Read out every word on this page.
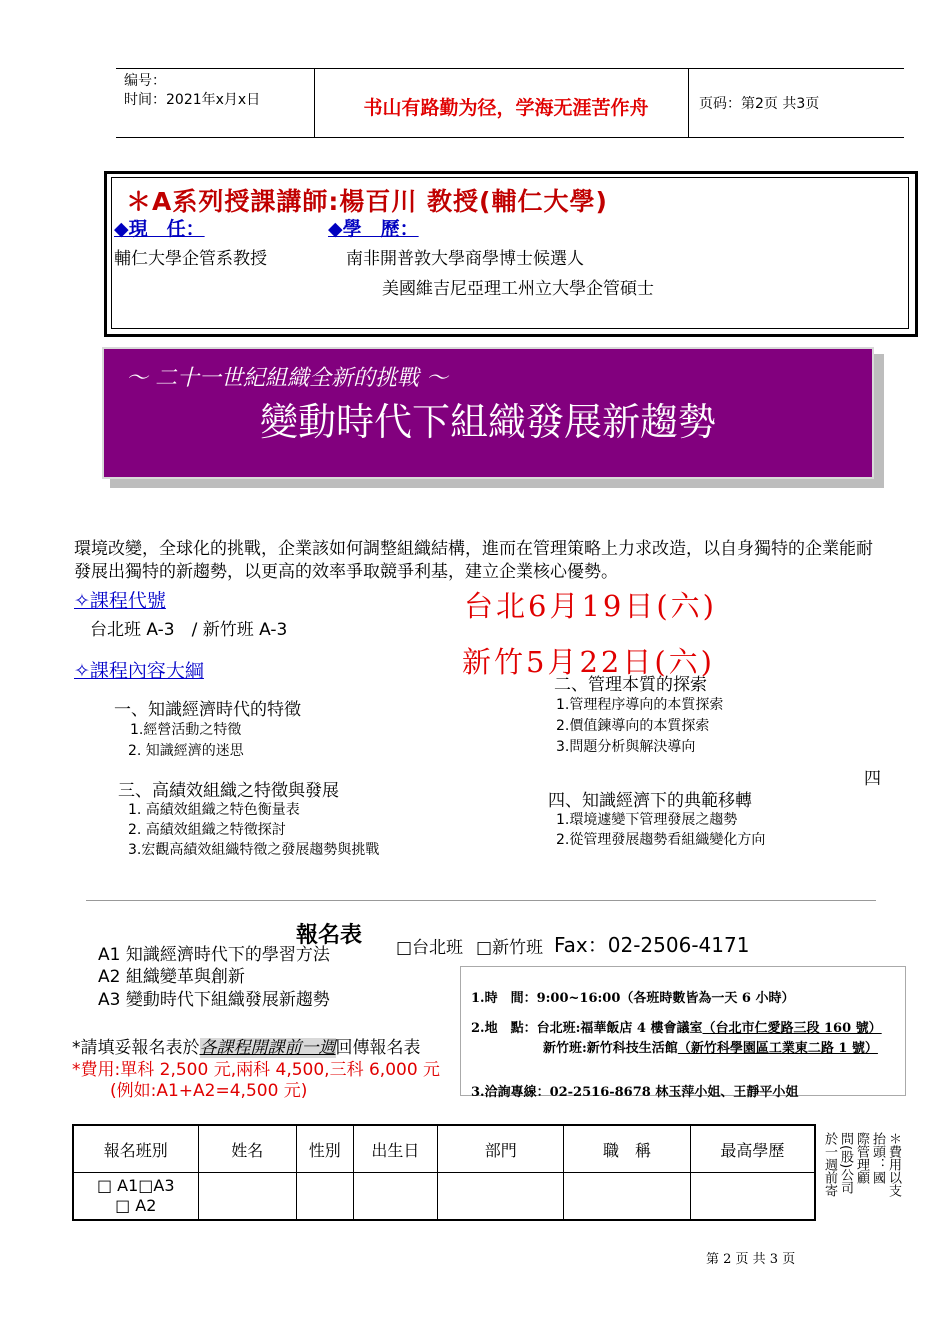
编号：
时间：2021年x月x日	书山有路勤为径，学海无涯苦作舟	页码：第2页 共3页
＊A系列授課講師:楊百川 教授(輔仁大學)
◆現　任：	◆學　歷：
輔仁大學企管系教授	南非開普敦大學商學博士候選人
美國維吉尼亞理工州立大學企管碩士
～ 二十一世紀組織全新的挑戰 ～
變動時代下組織發展新趨勢
環境改變，全球化的挑戰，企業該如何調整組織結構，進而在管理策略上力求改造，以自身獨特的企業能耐發展出獨特的新趨勢，以更高的效率爭取競爭利基，建立企業核心優勢。
✧課程代號
台北班 A-3　/ 新竹班 A-3
台北6月19日(六)
新竹5月22日(六)
✧課程內容大綱
一、知識經濟時代的特徵
1.經營活動之特徵
2. 知識經濟的迷思
二、管理本質的探索
1.管理程序導向的本質探索
2.價值鍊導向的本質探索
3.問題分析與解決導向
三、高績效組織之特徵與發展
1. 高績效組織之特色衡量表
2. 高績效組織之特徵探討
3.宏觀高績效組織特徵之發展趨勢與挑戰
四
四、知識經濟下的典範移轉
1.環境遽變下管理發展之趨勢
2.從管理發展趨勢看組織變化方向
報名表 □台北班 □新竹班 Fax：02-2506-4171
A1 知識經濟時代下的學習方法
A2 組織變革與創新
A3 變動時代下組織發展新趨勢
*請填妥報名表於各課程開課前一週回傳報名表
*費用:單科 2,500 元,兩科 4,500,三科 6,000 元
(例如:A1+A2=4,500 元)
1.時　間：9:00~16:00（各班時數皆為一天 6 小時）
2.地　點：台北班:福華飯店 4 樓會議室（台北市仁愛路三段 160 號）
新竹班:新竹科技生活館（新竹科學園區工業東二路 1 號）
3.洽詢專線：02-2516-8678 林玉萍小姐、王靜平小姐
報名班別	姓名	性別	出生日	部門	職　稱	最高學歷

□ A1□A3
□ A2						

＊費用以支
抬頭：國
際管理顧
問(股)公司
於一週前寄
第 2 页 共 3 页
